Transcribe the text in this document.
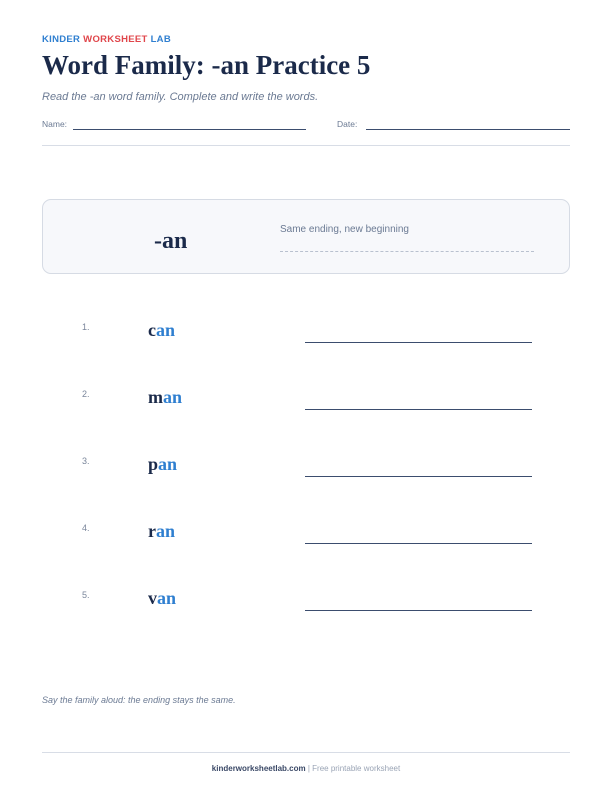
KINDER WORKSHEET LAB
Word Family: -an Practice 5
Read the -an word family. Complete and write the words.
Name:	Date:
-an	Same ending, new beginning
1.	can
2.	man
3.	pan
4.	ran
5.	van
Say the family aloud: the ending stays the same.
kinderworksheetlab.com | Free printable worksheet
